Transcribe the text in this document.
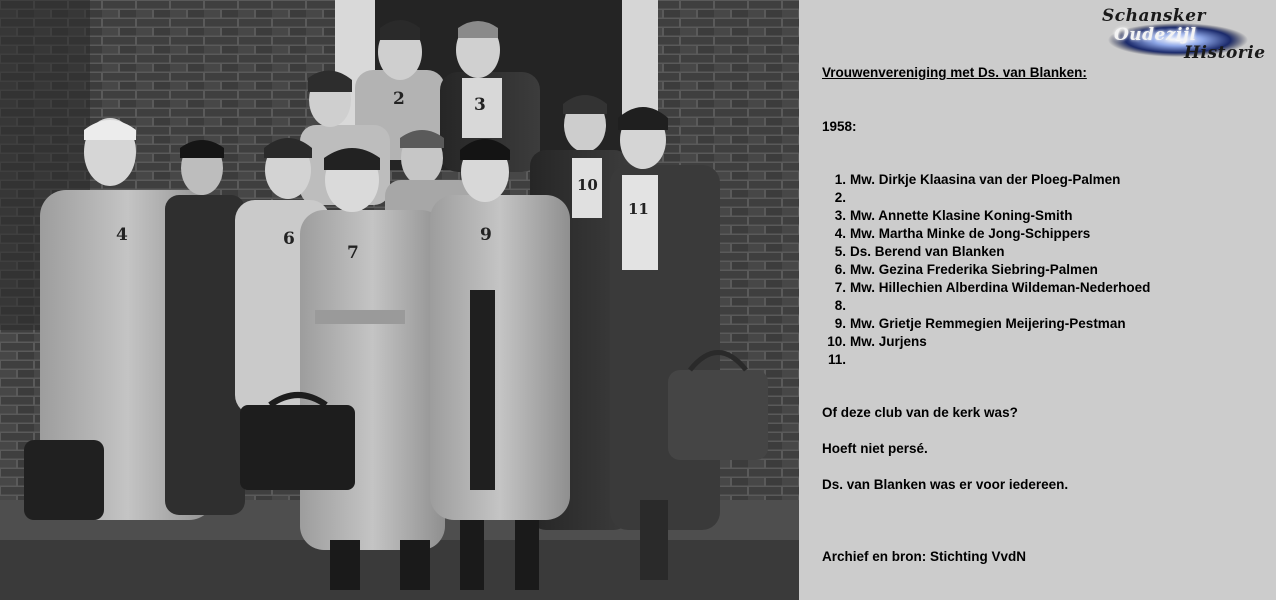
2	3
4	6
7
9
10
11
Schansker
Oudezijl
Historie

Vrouwenvereniging met Ds. van Blanken:

1958:

1. Mw. Dirkje Klaasina van der Ploeg-Palmen
2.
3. Mw. Annette Klasine Koning-Smith
4. Mw. Martha Minke de Jong-Schippers
5. Ds. Berend van Blanken
6. Mw. Gezina Frederika Siebring-Palmen
7. Mw. Hillechien Alberdina Wildeman-Nederhoed
8.
9. Mw. Grietje Remmegien Meijering-Pestman
10. Mw. Jurjens
11.

Of deze club van de kerk was?

Hoeft niet persé.

Ds. van Blanken was er voor iedereen.

Archief en bron: Stichting VvdN
